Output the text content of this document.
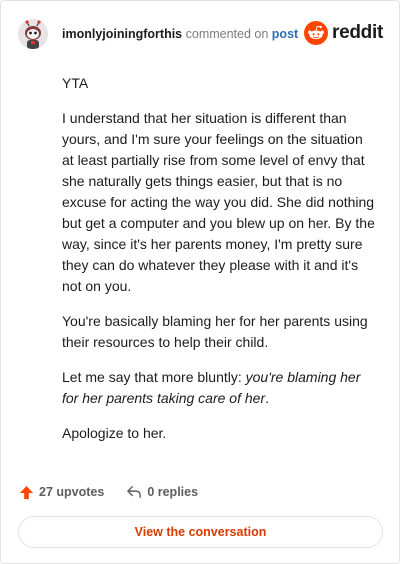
imonlyjoiningforthis commented on post reddit

YTA

I understand that her situation is different than yours, and I'm sure your feelings on the situation at least partially rise from some level of envy that she naturally gets things easier, but that is no excuse for acting the way you did. She did nothing but get a computer and you blew up on her. By the way, since it's her parents money, I'm pretty sure they can do whatever they please with it and it's not on you.

You're basically blaming her for her parents using their resources to help their child.

Let me say that more bluntly: you're blaming her for her parents taking care of her.

Apologize to her.

27 upvotes	0 replies
View the conversation
